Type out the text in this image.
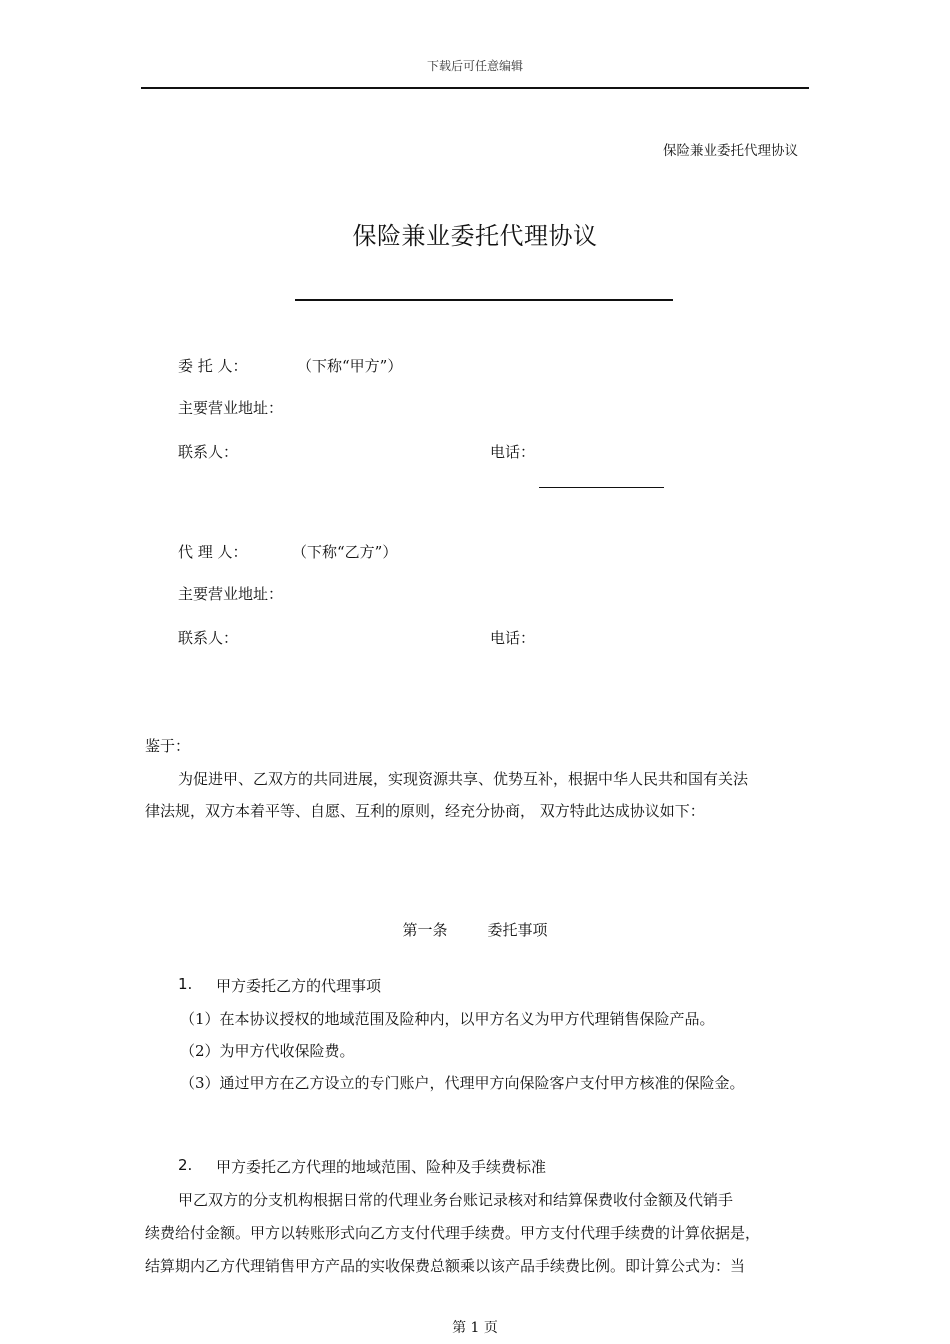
下载后可任意编辑
保险兼业委托代理协议
保险兼业委托代理协议
委 托 人：	（下称“甲方”）
主要营业地址：
联系人：	电话：
代 理 人：	（下称“乙方”）
主要营业地址：
联系人：	电话：
鉴于：
为促进甲、乙双方的共同进展，实现资源共享、优势互补，根据中华人民共和国有关法
律法规，双方本着平等、自愿、互利的原则，经充分协商， 双方特此达成协议如下：
第一条	委托事项
1. 甲方委托乙方的代理事项
（1）在本协议授权的地域范围及险种内，以甲方名义为甲方代理销售保险产品。
（2）为甲方代收保险费。
（3）通过甲方在乙方设立的专门账户，代理甲方向保险客户支付甲方核准的保险金。
2. 甲方委托乙方代理的地域范围、险种及手续费标准
甲乙双方的分支机构根据日常的代理业务台账记录核对和结算保费收付金额及代销手
续费给付金额。甲方以转账形式向乙方支付代理手续费。甲方支付代理手续费的计算依据是，
结算期内乙方代理销售甲方产品的实收保费总额乘以该产品手续费比例。即计算公式为：当
第 1 页
